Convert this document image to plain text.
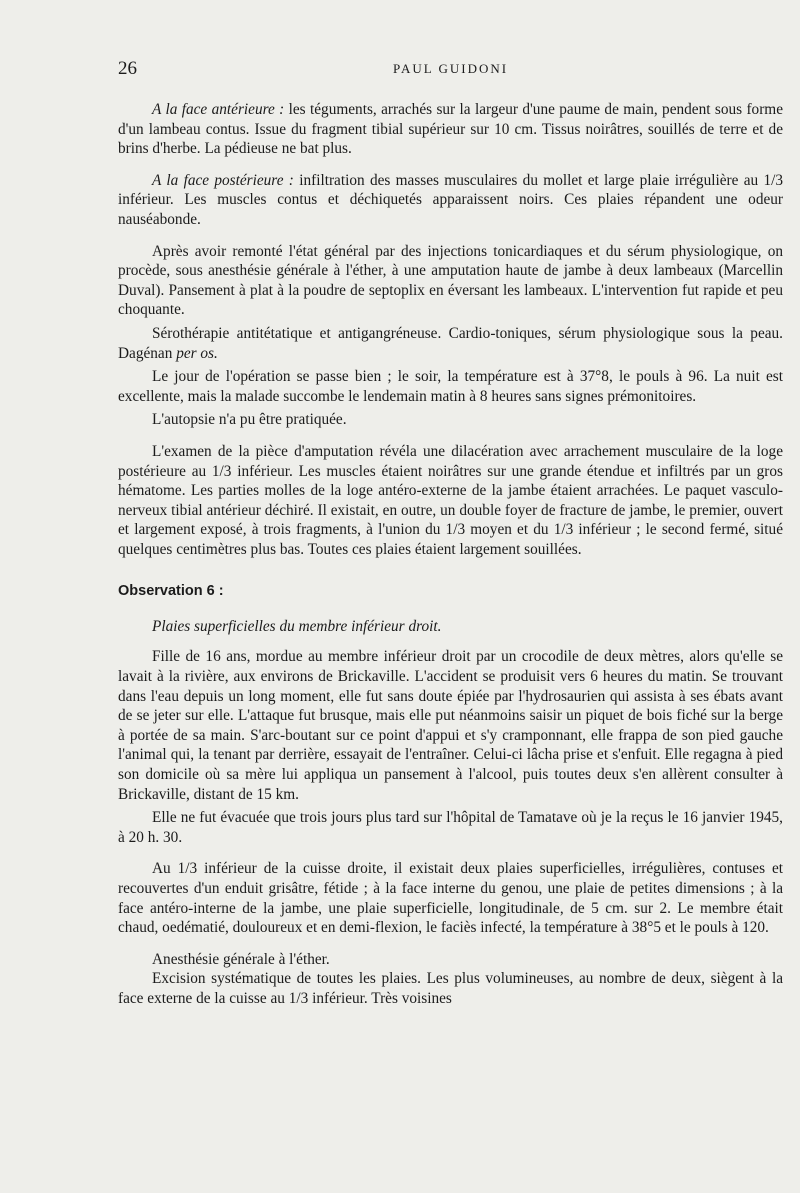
26	PAUL GUIDONI

A la face antérieure : les téguments, arrachés sur la largeur d'une paume de main, pendent sous forme d'un lambeau contus. Issue du fragment tibial supérieur sur 10 cm. Tissus noirâtres, souillés de terre et de brins d'herbe. La pédieuse ne bat plus.

A la face postérieure : infiltration des masses musculaires du mollet et large plaie irrégulière au 1/3 inférieur. Les muscles contus et déchiquetés apparaissent noirs. Ces plaies répandent une odeur nauséabonde.

Après avoir remonté l'état général par des injections tonicardiaques et du sérum physiologique, on procède, sous anesthésie générale à l'éther, à une amputation haute de jambe à deux lambeaux (Marcellin Duval). Pansement à plat à la poudre de septoplix en éversant les lambeaux. L'intervention fut rapide et peu choquante.

Sérothérapie antitétatique et antigangréneuse. Cardio-toniques, sérum physiologique sous la peau. Dagénan per os.

Le jour de l'opération se passe bien ; le soir, la température est à 37°8, le pouls à 96. La nuit est excellente, mais la malade succombe le lendemain matin à 8 heures sans signes prémonitoires.

L'autopsie n'a pu être pratiquée.

L'examen de la pièce d'amputation révéla une dilacération avec arrachement musculaire de la loge postérieure au 1/3 inférieur. Les muscles étaient noirâtres sur une grande étendue et infiltrés par un gros hématome. Les parties molles de la loge antéro-externe de la jambe étaient arrachées. Le paquet vasculo-nerveux tibial antérieur déchiré. Il existait, en outre, un double foyer de fracture de jambe, le premier, ouvert et largement exposé, à trois fragments, à l'union du 1/3 moyen et du 1/3 inférieur ; le second fermé, situé quelques centimètres plus bas. Toutes ces plaies étaient largement souillées.

Observation 6 :
Plaies superficielles du membre inférieur droit.

Fille de 16 ans, mordue au membre inférieur droit par un crocodile de deux mètres, alors qu'elle se lavait à la rivière, aux environs de Brickaville. L'accident se produisit vers 6 heures du matin. Se trouvant dans l'eau depuis un long moment, elle fut sans doute épiée par l'hydrosaurien qui assista à ses ébats avant de se jeter sur elle. L'attaque fut brusque, mais elle put néanmoins saisir un piquet de bois fiché sur la berge à portée de sa main. S'arc-boutant sur ce point d'appui et s'y cramponnant, elle frappa de son pied gauche l'animal qui, la tenant par derrière, essayait de l'entraîner. Celui-ci lâcha prise et s'enfuit. Elle regagna à pied son domicile où sa mère lui appliqua un pansement à l'alcool, puis toutes deux s'en allèrent consulter à Brickaville, distant de 15 km.

Elle ne fut évacuée que trois jours plus tard sur l'hôpital de Tamatave où je la reçus le 16 janvier 1945, à 20 h. 30.

Au 1/3 inférieur de la cuisse droite, il existait deux plaies superficielles, irrégulières, contuses et recouvertes d'un enduit grisâtre, fétide ; à la face interne du genou, une plaie de petites dimensions ; à la face antéro-interne de la jambe, une plaie superficielle, longitudinale, de 5 cm. sur 2. Le membre était chaud, oedématié, douloureux et en demi-flexion, le faciès infecté, la température à 38°5 et le pouls à 120.

Anesthésie générale à l'éther.

Excision systématique de toutes les plaies. Les plus volumineuses, au nombre de deux, siègent à la face externe de la cuisse au 1/3 inférieur. Très voisines
